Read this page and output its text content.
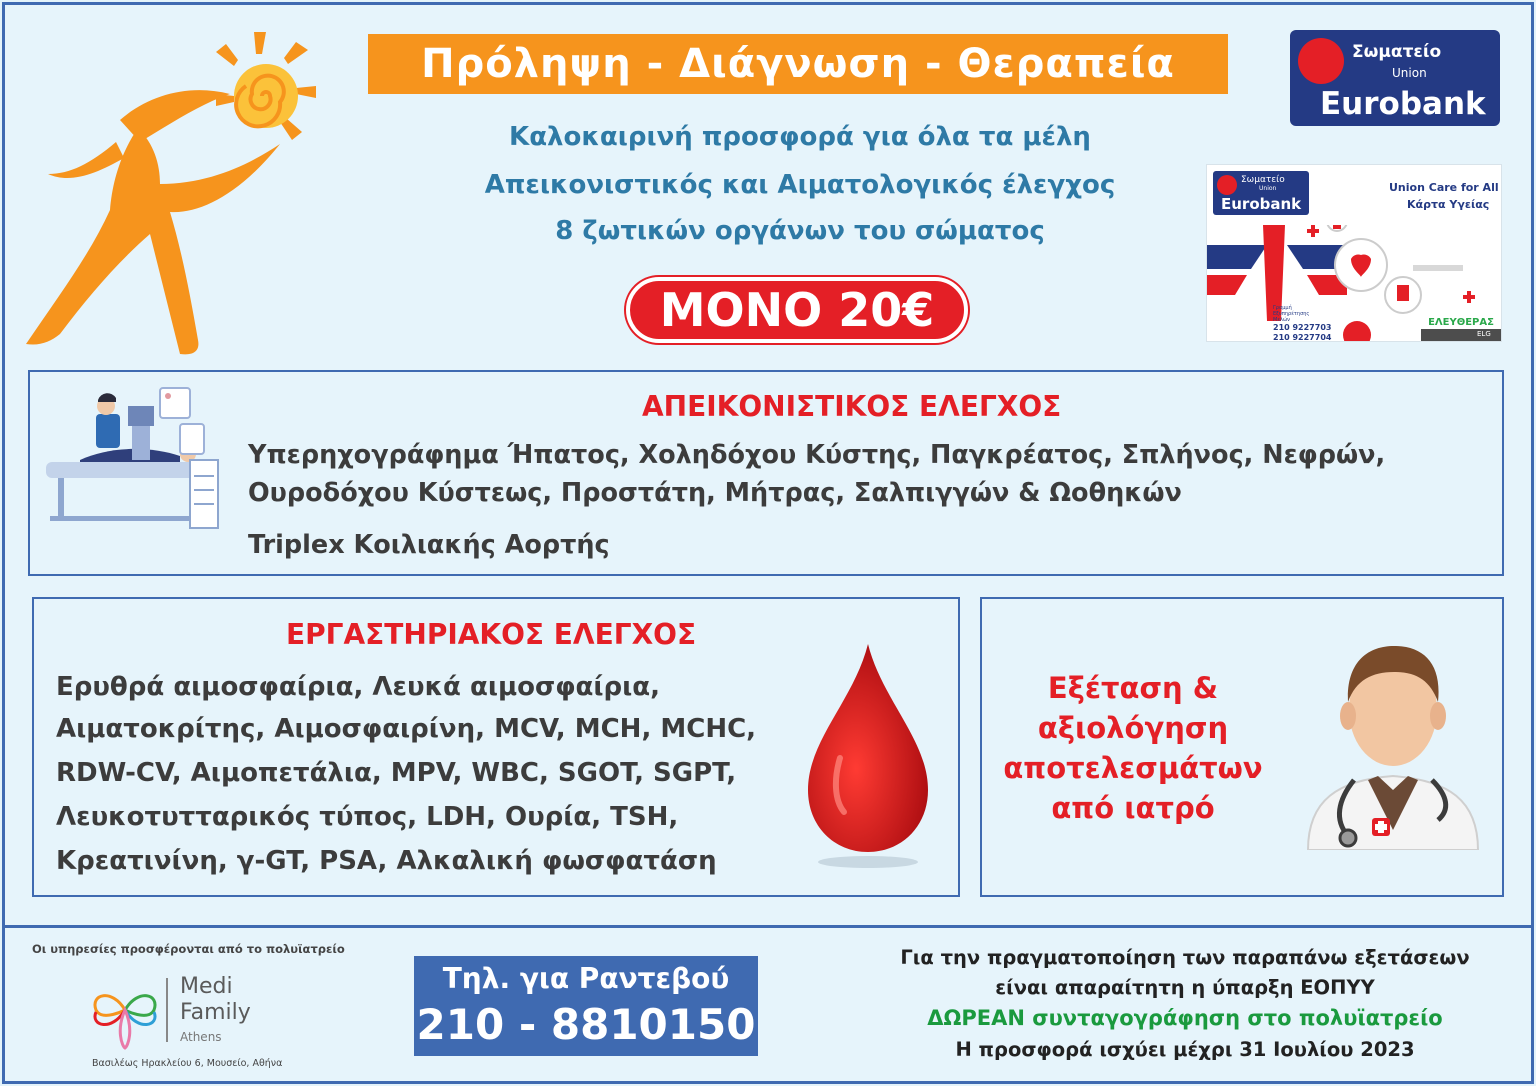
Πρόληψη - Διάγνωση - Θεραπεία
Καλοκαιρινή προσφορά για όλα τα μέλη
Απεικονιστικός και Αιματολογικός έλεγχος
8 ζωτικών οργάνων του σώματος
ΜΟΝΟ 20€
Σωματείο
Union
Eurobank
Σωματείο
Union
Eurobank
Union Care for All
Κάρτα Υγείας
Γραμμή Εξυπηρέτησης Μελών
210 9227703
210 9227704
ΕΛΕΥΘΕΡΑΣ
ELG
ΑΠΕΙΚΟΝΙΣΤΙΚΟΣ ΕΛΕΓΧΟΣ
Υπερηχογράφημα Ήπατος, Χοληδόχου Κύστης, Παγκρέατος, Σπλήνος, Νεφρών,
Ουροδόχου Κύστεως, Προστάτη, Μήτρας, Σαλπιγγών & Ωοθηκών
Triplex Κοιλιακής Αορτής
ΕΡΓΑΣΤΗΡΙΑΚΟΣ ΕΛΕΓΧΟΣ
Ερυθρά αιμοσφαίρια, Λευκά αιμοσφαίρια,
Αιματοκρίτης, Αιμοσφαιρίνη, MCV, MCH, MCHC,
RDW-CV, Αιμοπετάλια, MPV, WBC, SGOT, SGPT,
Λευκοτυτταρικός τύπος, LDH, Ουρία, TSH,
Κρεατινίνη, γ-GT, PSA, Αλκαλική φωσφατάση
Εξέταση &
αξιολόγηση
αποτελεσμάτων
από ιατρό
Οι υπηρεσίες προσφέρονται από το πολυϊατρείο
Medi
Family
Athens
Βασιλέως Ηρακλείου 6, Μουσείο, Αθήνα
Τηλ. για Ραντεβού
210 - 8810150
Για την πραγματοποίηση των παραπάνω εξετάσεων
είναι απαραίτητη η ύπαρξη ΕΟΠΥΥ
ΔΩΡΕΑΝ συνταγογράφηση στο πολυϊατρείο
Η προσφορά ισχύει μέχρι 31 Ιουλίου 2023
